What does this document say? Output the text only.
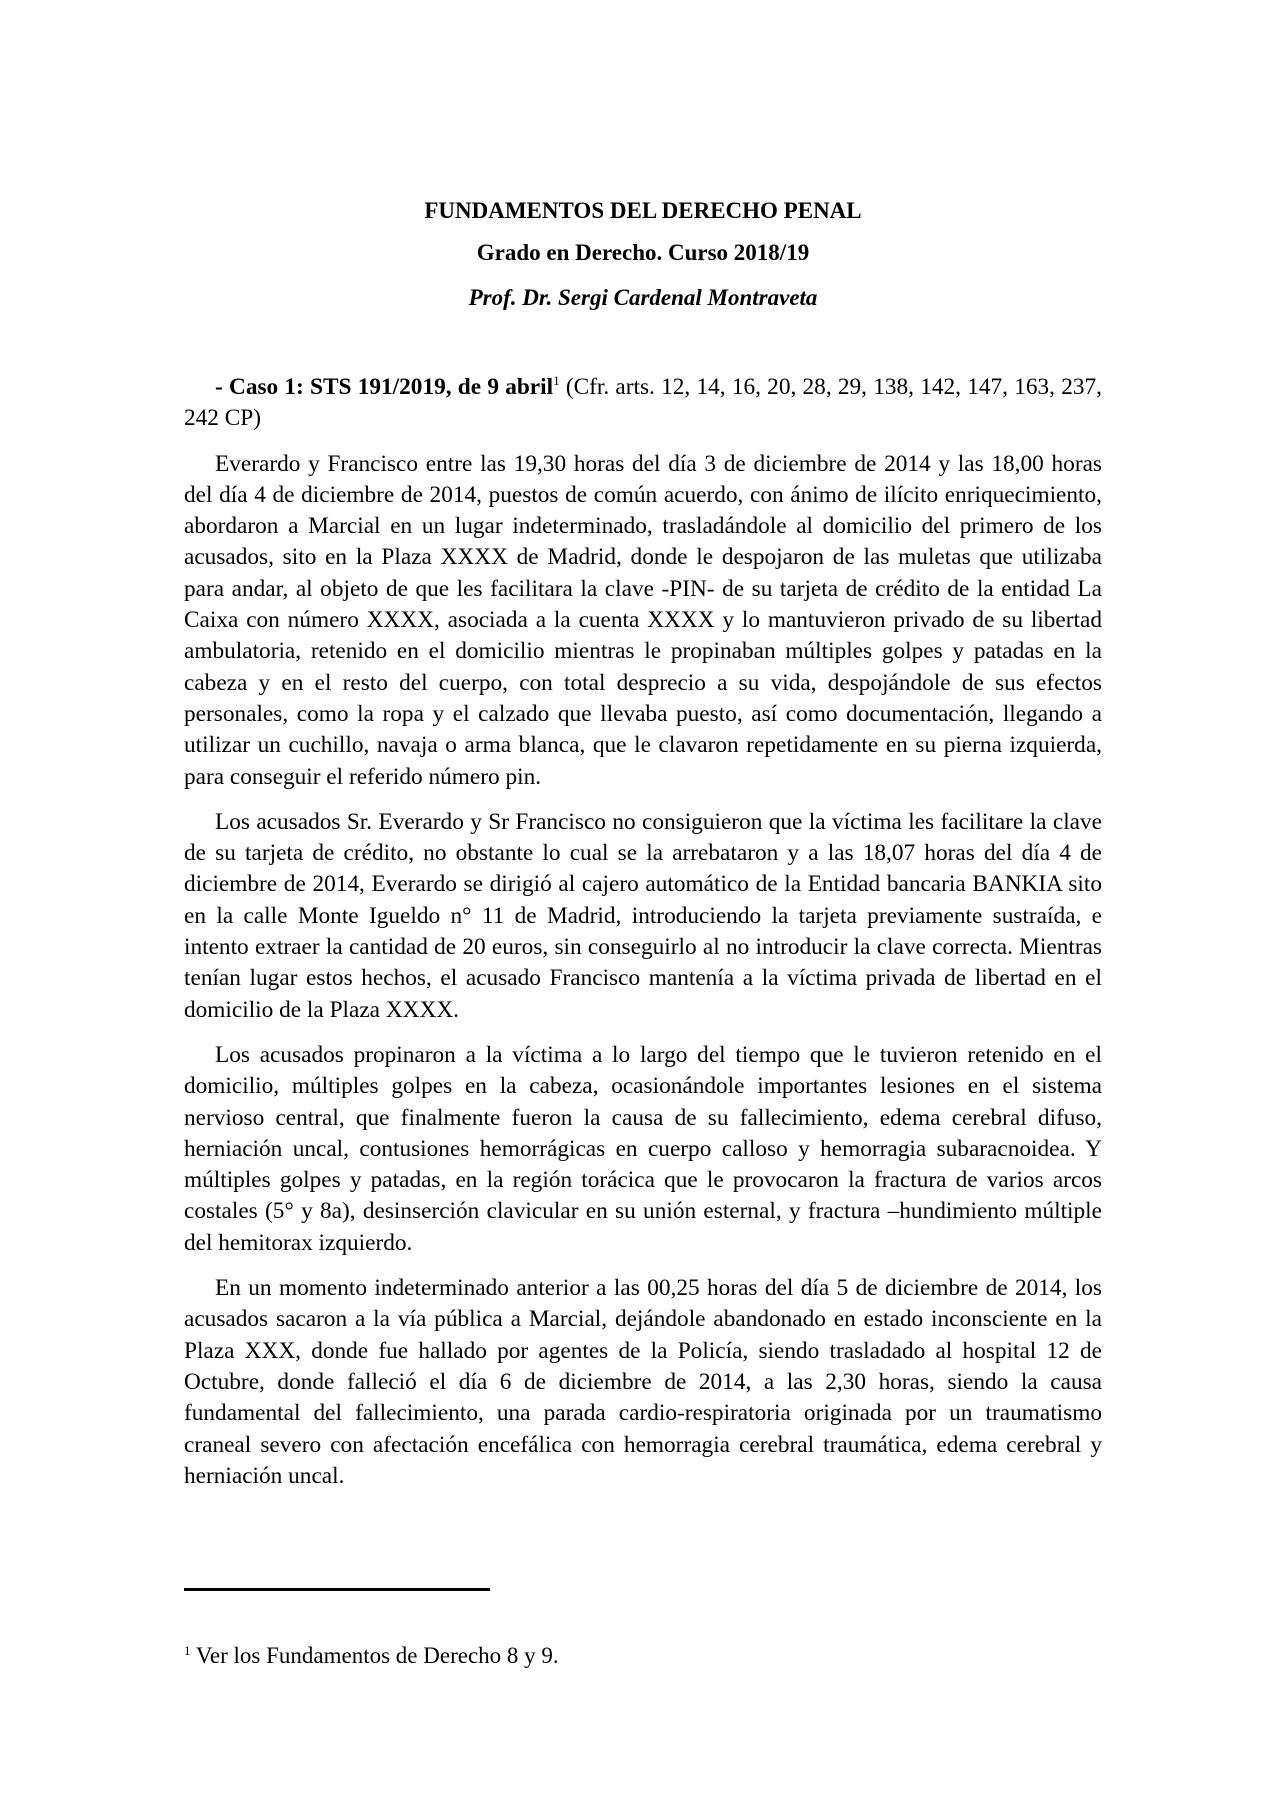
FUNDAMENTOS DEL DERECHO PENAL
Grado en Derecho. Curso 2018/19
Prof. Dr. Sergi Cardenal Montraveta

- Caso 1: STS 191/2019, de 9 abril$^1$ (Cfr. arts. 12, 14, 16, 20, 28, 29, 138, 142, 147, 163, 237, 242 CP)

Everardo y Francisco entre las 19,30 horas del día 3 de diciembre de 2014 y las 18,00 horas del día 4 de diciembre de 2014, puestos de común acuerdo, con ánimo de ilícito enriquecimiento, abordaron a Marcial en un lugar indeterminado, trasladándole al domicilio del primero de los acusados, sito en la Plaza XXXX de Madrid, donde le despojaron de las muletas que utilizaba para andar, al objeto de que les facilitara la clave -PIN- de su tarjeta de crédito de la entidad La Caixa con número XXXX, asociada a la cuenta XXXX y lo mantuvieron privado de su libertad ambulatoria, retenido en el domicilio mientras le propinaban múltiples golpes y patadas en la cabeza y en el resto del cuerpo, con total desprecio a su vida, despojándole de sus efectos personales, como la ropa y el calzado que llevaba puesto, así como documentación, llegando a utilizar un cuchillo, navaja o arma blanca, que le clavaron repetidamente en su pierna izquierda, para conseguir el referido número pin.

Los acusados Sr. Everardo y Sr Francisco no consiguieron que la víctima les facilitare la clave de su tarjeta de crédito, no obstante lo cual se la arrebataron y a las 18,07 horas del día 4 de diciembre de 2014, Everardo se dirigió al cajero automático de la Entidad bancaria BANKIA sito en la calle Monte Igueldo n° 11 de Madrid, introduciendo la tarjeta previamente sustraída, e intento extraer la cantidad de 20 euros, sin conseguirlo al no introducir la clave correcta. Mientras tenían lugar estos hechos, el acusado Francisco mantenía a la víctima privada de libertad en el domicilio de la Plaza XXXX.

Los acusados propinaron a la víctima a lo largo del tiempo que le tuvieron retenido en el domicilio, múltiples golpes en la cabeza, ocasionándole importantes lesiones en el sistema nervioso central, que finalmente fueron la causa de su fallecimiento, edema cerebral difuso, herniación uncal, contusiones hemorrágicas en cuerpo calloso y hemorragia subaracnoidea. Y múltiples golpes y patadas, en la región torácica que le provocaron la fractura de varios arcos costales (5° y 8a), desinserción clavicular en su unión esternal, y fractura –hundimiento múltiple del hemitorax izquierdo.

En un momento indeterminado anterior a las 00,25 horas del día 5 de diciembre de 2014, los acusados sacaron a la vía pública a Marcial, dejándole abandonado en estado inconsciente en la Plaza XXX, donde fue hallado por agentes de la Policía, siendo trasladado al hospital 12 de Octubre, donde falleció el día 6 de diciembre de 2014, a las 2,30 horas, siendo la causa fundamental del fallecimiento, una parada cardio-respiratoria originada por un traumatismo craneal severo con afectación encefálica con hemorragia cerebral traumática, edema cerebral y herniación uncal.

$^1$ Ver los Fundamentos de Derecho 8 y 9.
